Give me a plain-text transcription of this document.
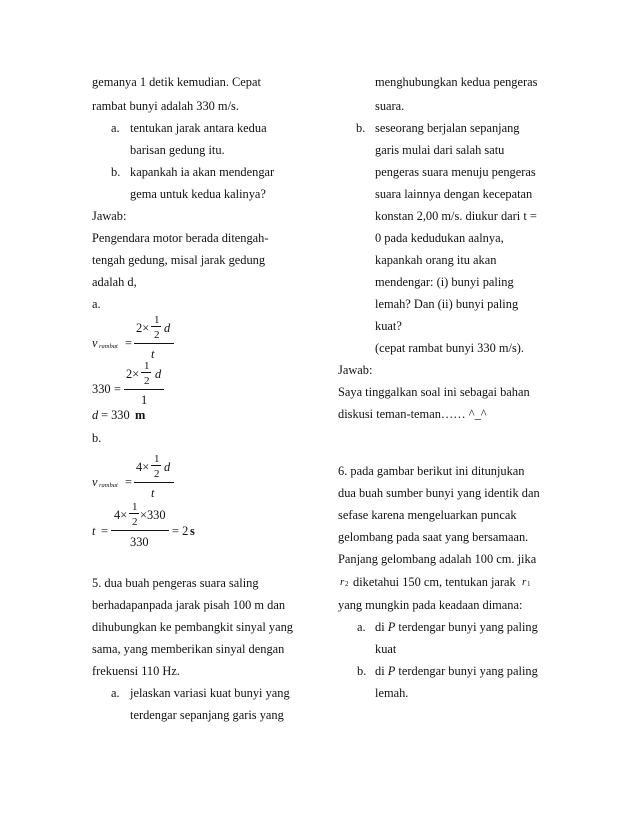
gemanya 1 detik kemudian. Cepat
rambat bunyi adalah 330 m/s.
a. tentukan jarak antara kedua
barisan gedung itu.
b. kapankah ia akan mendengar
gema untuk kedua kalinya?
Jawab:
Pengendara motor berada ditengah-
tengah gedung, misal jarak gedung
adalah d,
a.
v rambat =
2×
1
2 d
t
330 =
2×
1
2 d
1
d = 330 m
b.
v rambat =
4×
1
2 d
t
t =
4×
1
2 ×330
330
= 2 s
5. dua buah pengeras suara saling
berhadapanpada jarak pisah 100 m dan
dihubungkan ke pembangkit sinyal yang
sama, yang memberikan sinyal dengan
frekuensi 110 Hz.
a. jelaskan variasi kuat bunyi yang
terdengar sepanjang garis yang
menghubungkan kedua pengeras
suara.
b. seseorang berjalan sepanjang
garis mulai dari salah satu
pengeras suara menuju pengeras
suara lainnya dengan kecepatan
konstan 2,00 m/s. diukur dari t =
0 pada kedudukan aalnya,
kapankah orang itu akan
mendengar: (i) bunyi paling
lemah? Dan (ii) bunyi paling
kuat?
(cepat rambat bunyi 330 m/s).
Jawab:
Saya tinggalkan soal ini sebagai bahan
diskusi teman-teman…… ^_^
6. pada gambar berikut ini ditunjukan
dua buah sumber bunyi yang identik dan
sefase karena mengeluarkan puncak
gelombang pada saat yang bersamaan.
Panjang gelombang adalah 100 cm. jika
r 2 diketahui 150 cm, tentukan jarak r 1
yang mungkin pada keadaan dimana:
a. di P terdengar bunyi yang paling
kuat
b. di P terdengar bunyi yang paling
lemah.
